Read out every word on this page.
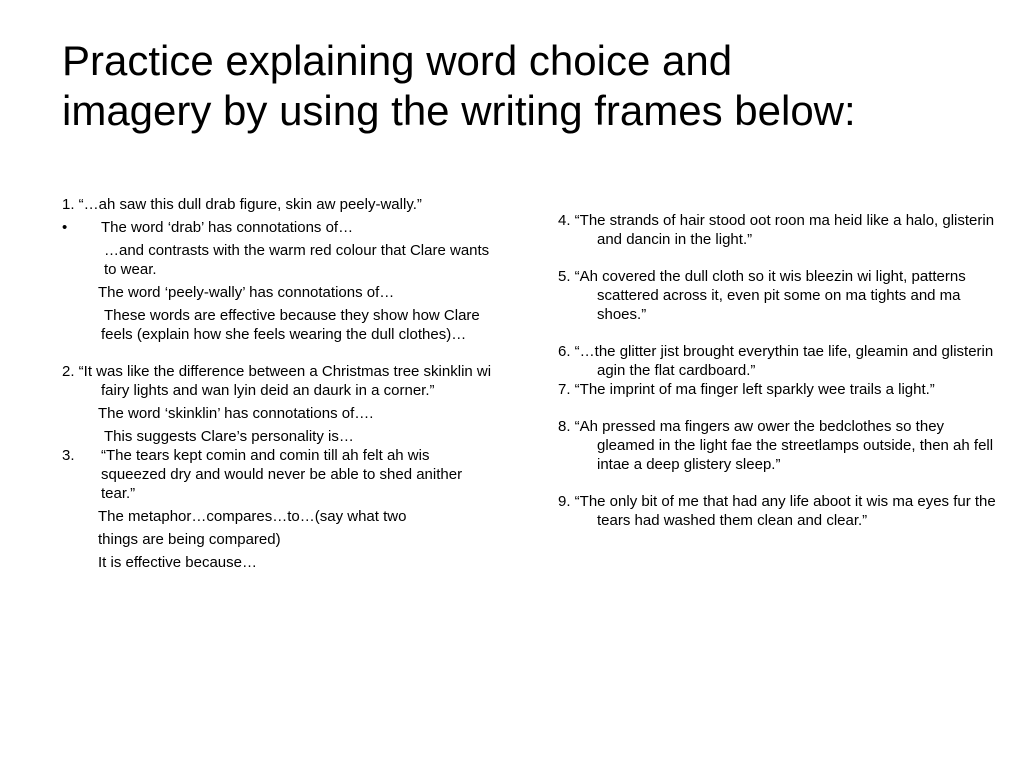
Practice explaining word choice and
imagery by using the writing frames below:

1. “…ah saw this dull drab figure, skin aw peely-wally.”

•	The word ‘drab’ has connotations of…

…and contrasts with the warm red colour that Clare wants to wear.

The word ‘peely-wally’ has connotations of…

These words are effective because they show how Clare feels (explain how she feels wearing the dull clothes)…

2. “It was like the difference between a Christmas tree skinklin wi fairy lights and wan lyin deid an daurk in a corner.”

The word ‘skinklin’ has connotations of….

This suggests Clare’s personality is…

3.	“The tears kept comin and comin till ah felt ah wis squeezed dry and would never be able to shed anither tear.”

The metaphor…compares…to…(say what two

things are being compared)

It is effective because…

4. “The strands of hair stood oot roon ma heid like a halo, glisterin and dancin in the light.”

5. “Ah covered the dull cloth so it wis bleezin wi light, patterns scattered across it, even pit some on ma tights and ma shoes.”

6. “…the glitter jist brought everythin tae life, gleamin and glisterin agin the flat cardboard.”

7. “The imprint of ma finger left sparkly wee trails a light.”

8. “Ah pressed ma fingers aw ower the bedclothes so they gleamed in the light fae the streetlamps outside, then ah fell intae a deep glistery sleep.”

9. “The only bit of me that had any life aboot it wis ma eyes fur the tears had washed them clean and clear.”
